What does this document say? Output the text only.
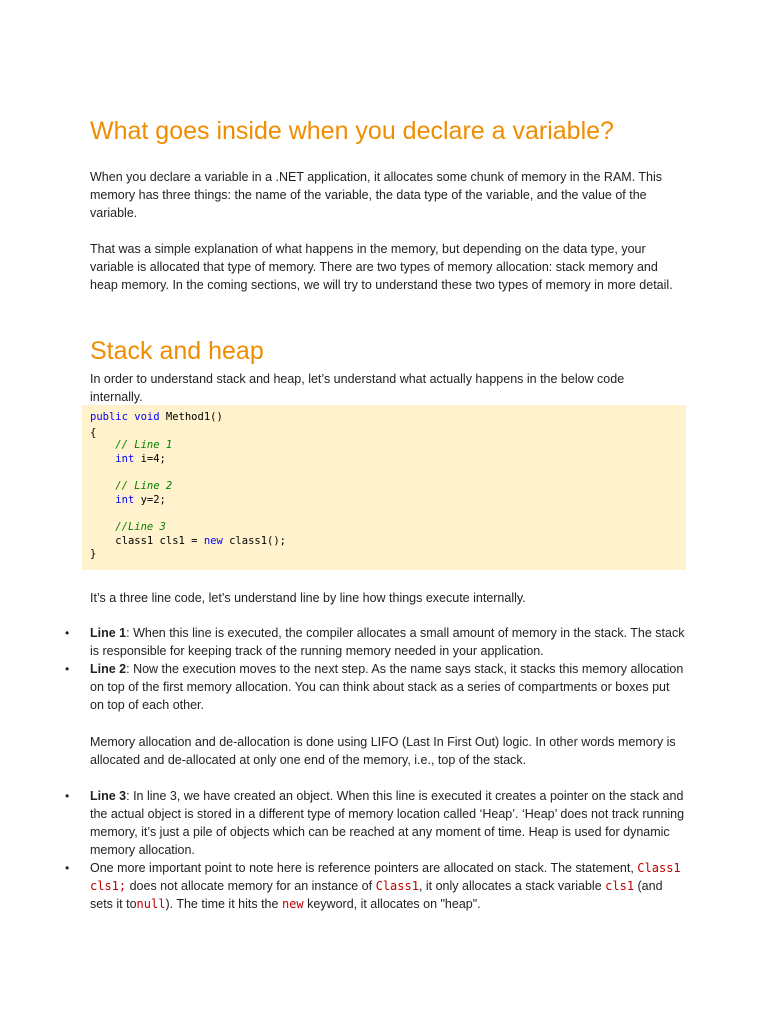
What goes inside when you declare a variable?

When you declare a variable in a .NET application, it allocates some chunk of memory in the RAM. This memory has three things: the name of the variable, the data type of the variable, and the value of the variable.

That was a simple explanation of what happens in the memory, but depending on the data type, your variable is allocated that type of memory. There are two types of memory allocation: stack memory and heap memory. In the coming sections, we will try to understand these two types of memory in more detail.

Stack and heap

In order to understand stack and heap, let’s understand what actually happens in the below code internally.

public void Method1()
{
// Line 1
int i=4;
// Line 2
int y=2;
//Line 3
class1 cls1 = new class1();
}

It’s a three line code, let’s understand line by line how things execute internally.

• Line 1: When this line is executed, the compiler allocates a small amount of memory in the stack. The stack is responsible for keeping track of the running memory needed in your application.
• Line 2: Now the execution moves to the next step. As the name says stack, it stacks this memory allocation on top of the first memory allocation. You can think about stack as a series of compartments or boxes put on top of each other.
Memory allocation and de-allocation is done using LIFO (Last In First Out) logic. In other words memory is allocated and de-allocated at only one end of the memory, i.e., top of the stack.
• Line 3: In line 3, we have created an object. When this line is executed it creates a pointer on the stack and the actual object is stored in a different type of memory location called ‘Heap’. ‘Heap’ does not track running memory, it’s just a pile of objects which can be reached at any moment of time. Heap is used for dynamic memory allocation.
• One more important point to note here is reference pointers are allocated on stack. The statement, Class1 cls1; does not allocate memory for an instance of Class1, it only allocates a stack variable cls1 (and sets it tonull). The time it hits the new keyword, it allocates on "heap".
